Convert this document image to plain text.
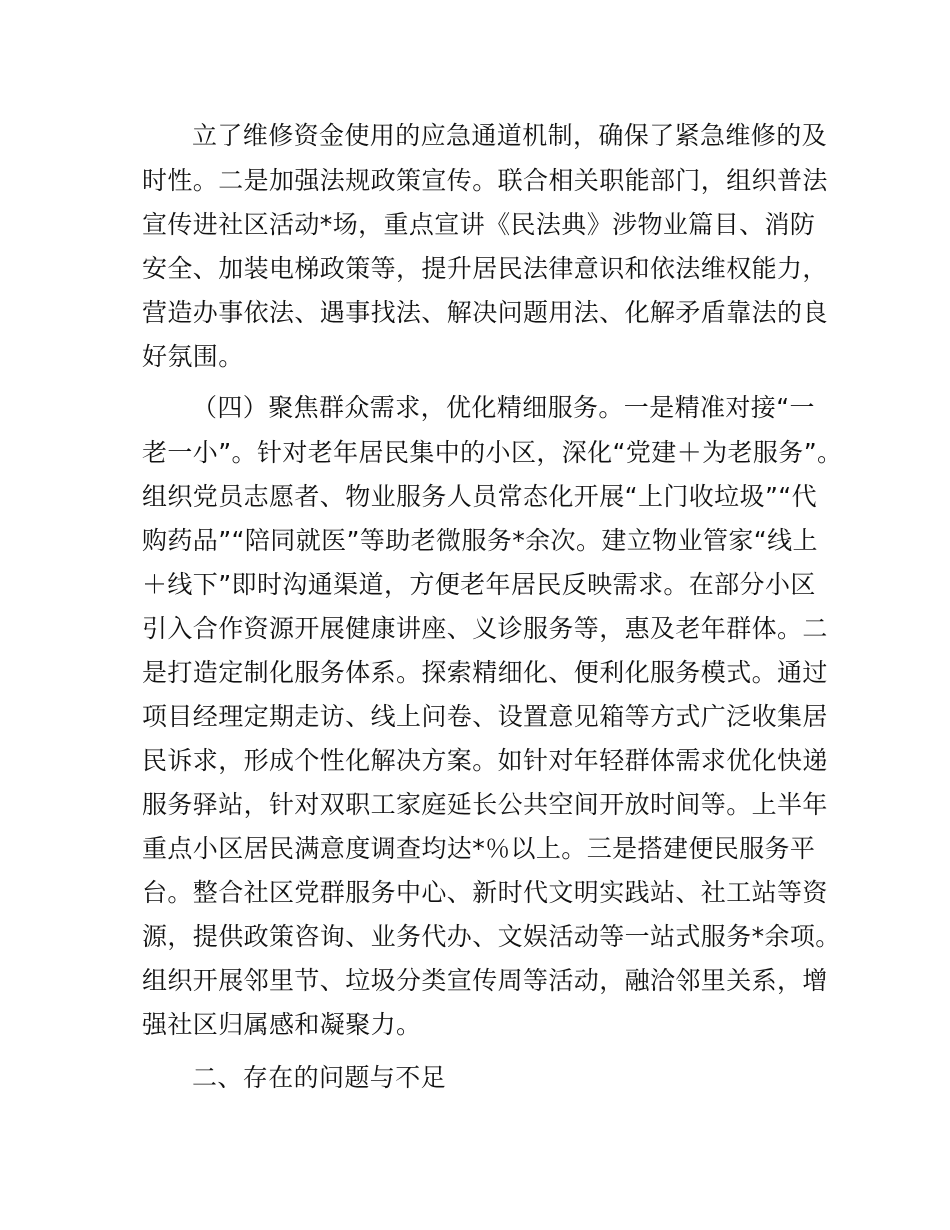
立了维修资金使用的应急通道机制，确保了紧急维修的及
时性。二是加强法规政策宣传。联合相关职能部门，组织普法
宣传进社区活动*场，重点宣讲《民法典》涉物业篇目、消防
安全、加装电梯政策等，提升居民法律意识和依法维权能力，
营造办事依法、遇事找法、解决问题用法、化解矛盾靠法的良
好氛围。
（四）聚焦群众需求，优化精细服务。一是精准对接“一
老一小”。针对老年居民集中的小区，深化“党建＋为老服务”。
组织党员志愿者、物业服务人员常态化开展“上门收垃圾”“代
购药品”“陪同就医”等助老微服务*余次。建立物业管家“线上
＋线下”即时沟通渠道，方便老年居民反映需求。在部分小区
引入合作资源开展健康讲座、义诊服务等，惠及老年群体。二
是打造定制化服务体系。探索精细化、便利化服务模式。通过
项目经理定期走访、线上问卷、设置意见箱等方式广泛收集居
民诉求，形成个性化解决方案。如针对年轻群体需求优化快递
服务驿站，针对双职工家庭延长公共空间开放时间等。上半年
重点小区居民满意度调查均达*％以上。三是搭建便民服务平
台。整合社区党群服务中心、新时代文明实践站、社工站等资
源，提供政策咨询、业务代办、文娱活动等一站式服务*余项。
组织开展邻里节、垃圾分类宣传周等活动，融洽邻里关系，增
强社区归属感和凝聚力。
二、存在的问题与不足
